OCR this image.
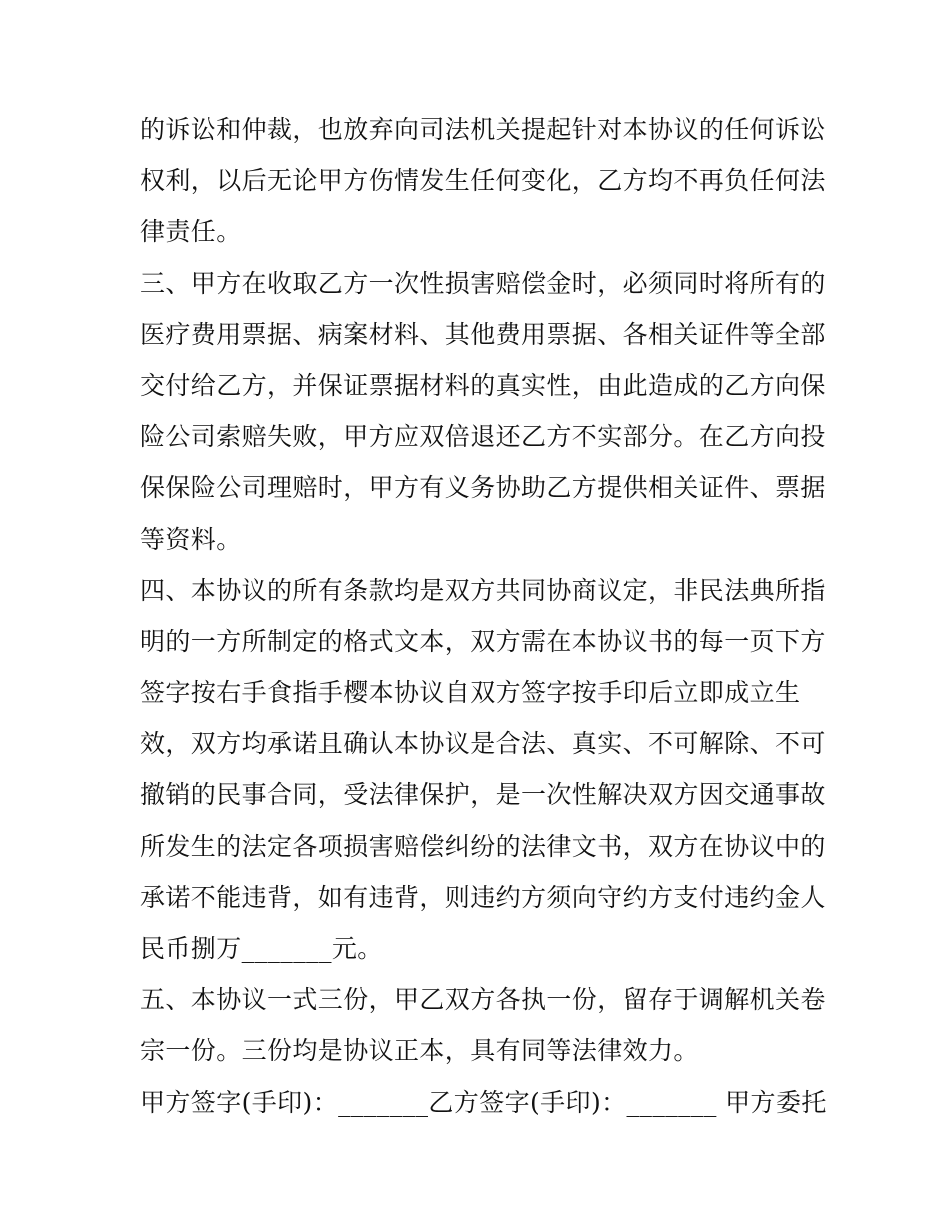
的诉讼和仲裁，也放弃向司法机关提起针对本协议的任何诉讼
权利，以后无论甲方伤情发生任何变化，乙方均不再负任何法
律责任。
三、甲方在收取乙方一次性损害赔偿金时，必须同时将所有的
医疗费用票据、病案材料、其他费用票据、各相关证件等全部
交付给乙方，并保证票据材料的真实性，由此造成的乙方向保
险公司索赔失败，甲方应双倍退还乙方不实部分。在乙方向投
保保险公司理赔时，甲方有义务协助乙方提供相关证件、票据
等资料。
四、本协议的所有条款均是双方共同协商议定，非民法典所指
明的一方所制定的格式文本，双方需在本协议书的每一页下方
签字按右手食指手樱本协议自双方签字按手印后立即成立生
效，双方均承诺且确认本协议是合法、真实、不可解除、不可
撤销的民事合同，受法律保护，是一次性解决双方因交通事故
所发生的法定各项损害赔偿纠纷的法律文书，双方在协议中的
承诺不能违背，如有违背，则违约方须向守约方支付违约金人
民币捌万_______元。
五、本协议一式三份，甲乙双方各执一份，留存于调解机关卷
宗一份。三份均是协议正本，具有同等法律效力。
甲方签字(手印)：_______乙方签字(手印)：_______ 甲方委托
